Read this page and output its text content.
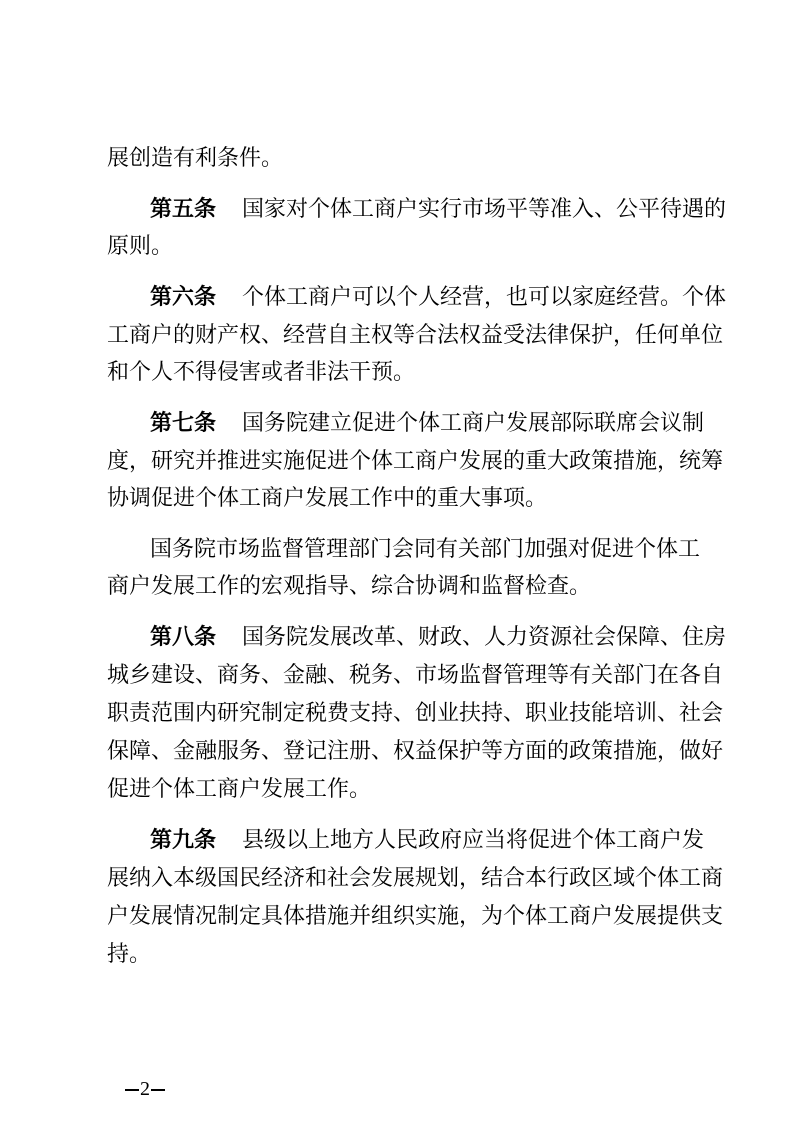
展创造有利条件。
第五条 国家对个体工商户实行市场平等准入、公平待遇的
原则。
第六条 个体工商户可以个人经营，也可以家庭经营。个体
工商户的财产权、经营自主权等合法权益受法律保护，任何单位
和个人不得侵害或者非法干预。
第七条 国务院建立促进个体工商户发展部际联席会议制
度，研究并推进实施促进个体工商户发展的重大政策措施，统筹
协调促进个体工商户发展工作中的重大事项。
国务院市场监督管理部门会同有关部门加强对促进个体工
商户发展工作的宏观指导、综合协调和监督检查。
第八条 国务院发展改革、财政、人力资源社会保障、住房
城乡建设、商务、金融、税务、市场监督管理等有关部门在各自
职责范围内研究制定税费支持、创业扶持、职业技能培训、社会
保障、金融服务、登记注册、权益保护等方面的政策措施，做好
促进个体工商户发展工作。
第九条 县级以上地方人民政府应当将促进个体工商户发
展纳入本级国民经济和社会发展规划，结合本行政区域个体工商
户发展情况制定具体措施并组织实施，为个体工商户发展提供支
持。
2
